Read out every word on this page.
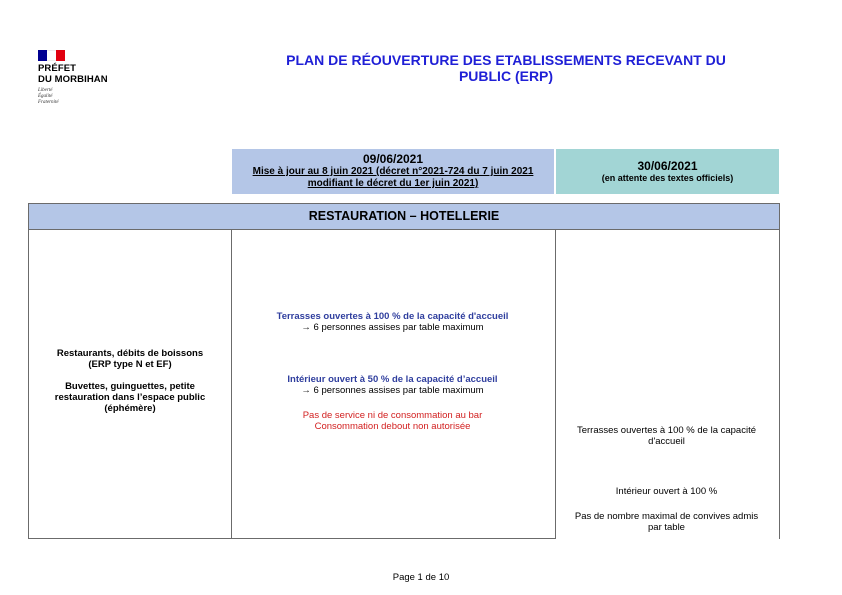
PRÉFET
DU MORBIHAN
Liberté
Égalité
Fraternité
PLAN DE RÉOUVERTURE DES ETABLISSEMENTS RECEVANT DU
PUBLIC (ERP)
09/06/2021
Mise à jour au 8 juin 2021 (décret n°2021-724 du 7 juin 2021
modifiant le décret du 1er juin 2021)
30/06/2021
(en attente des textes officiels)
RESTAURATION – HOTELLERIE
Restaurants, débits de boissons
(ERP type N et EF)
Buvettes, guinguettes, petite
restauration dans l’espace public
(éphémère)
Terrasses ouvertes à 100 % de la capacité d'accueil
→ 6 personnes assises par table maximum
Intérieur ouvert à 50 % de la capacité d’accueil
→ 6 personnes assises par table maximum
Pas de service ni de consommation au bar
Consommation debout non autorisée	Terrasses ouvertes à 100 % de la capacité
d'accueil
Intérieur ouvert à 100 %
Pas de nombre maximal de convives admis
par table
Page 1 de 10
